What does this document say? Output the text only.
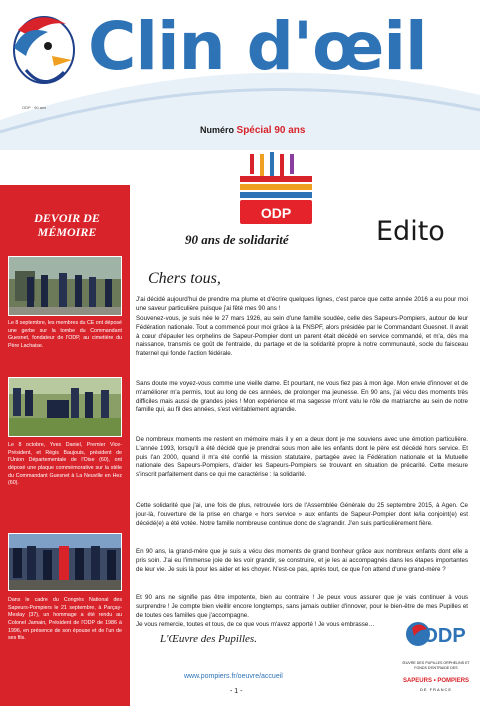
ODP · 90 ans
Clin d'œil
Numéro Spécial 90 ans
DEVOIR DE MÉMOIRE
Le 8 septembre, les membres du CE ont déposé une gerbe sur la tombe du Commandant Guesnet, fondateur de l'ODP, au cimetière du Père Lachaise.
Le 8 octobre, Yves Daniel, Premier Vice-Président, et Régis Baujouis, président de l'Union Départementale de l'Oise (60), ont déposé une plaque commémorative sur la stèle du Commandant Guesnet à La Neuville en Hez (60).
Dans le cadre du Congrès National des Sapeurs-Pompiers le 21 septembre, à Parçay-Meslay (37), un hommage a été rendu au Colonel Jamain, Président de l'ODP de 1986 à 1996, en présence de son épouse et de l'un de ses fils.
ODP
90 ans de solidarité	Edito
Chers tous,

J'ai décidé aujourd'hui de prendre ma plume et d'écrire quelques lignes, c'est parce que cette année 2016 a eu pour moi une saveur particulière puisque j'ai fêté mes 90 ans !

Souvenez-vous, je suis née le 27 mars 1926, au sein d'une famille soudée, celle des Sapeurs-Pompiers, autour de leur Fédération nationale. Tout a commencé pour moi grâce à la FNSPF, alors présidée par le Commandant Guesnet. Il avait à cœur d'épauler les orphelins de Sapeur-Pompier dont un parent était décédé en service commandé, et m'a, dès ma naissance, transmis ce goût de l'entraide, du partage et de la solidarité propre à notre communauté, socle du faisceau fraternel qui fonde l'action fédérale.

Sans doute me voyez-vous comme une vieille dame. Et pourtant, ne vous fiez pas à mon âge. Mon envie d'innover et de m'améliorer m'a permis, tout au long de ces années, de prolonger ma jeunesse. En 90 ans, j'ai vécu des moments très difficiles mais aussi de grandes joies ! Mon expérience et ma sagesse m'ont valu le rôle de matriarche au sein de notre famille qui, au fil des années, s'est véritablement agrandie.

De nombreux moments me restent en mémoire mais il y en a deux dont je me souviens avec une émotion particulière. L'année 1993, lorsqu'il a été décidé que je prendrai sous mon aile les enfants dont le père est décédé hors service. Et puis l'an 2000, quand il m'a été confié la mission statutaire, partagée avec la Fédération nationale et la Mutuelle nationale des Sapeurs-Pompiers, d'aider les Sapeurs-Pompiers se trouvant en situation de précarité. Cette mesure s'inscrit parfaitement dans ce qui me caractérise : la solidarité.

Cette solidarité que j'ai, une fois de plus, retrouvée lors de l'Assemblée Générale du 25 septembre 2015, à Agen. Ce jour-là, l'ouverture de la prise en charge « hors service » aux enfants de Sapeur-Pompier dont le/la conjoint(e) est décédé(e) a été votée. Notre famille nombreuse continue donc de s'agrandir. J'en suis particulièrement fière.

En 90 ans, la grand-mère que je suis a vécu des moments de grand bonheur grâce aux nombreux enfants dont elle a pris soin. J'ai eu l'immense joie de les voir grandir, se construire, et je les ai accompagnés dans les étapes importantes de leur vie. Je suis là pour les aider et les choyer. N'est-ce pas, après tout, ce que l'on attend d'une grand-mère ?

Et 90 ans ne signifie pas être impotente, bien au contraire ! Je peux vous assurer que je vais continuer à vous surprendre ! Je compte bien vieillir encore longtemps, sans jamais oublier d'innover, pour le bien-être de mes Pupilles et de toutes ces familles que j'accompagne.

Je vous remercie, toutes et tous, de ce que vous m'avez apporté ! Je vous embrasse…

L'Œuvre des Pupilles.
www.pompiers.fr/oeuvre/accueil
- 1 -
ODP
ŒUVRE DES PUPILLES ORPHELINS ET FONDS D'ENTRAIDE DES
SAPEURS • POMPIERS
DE FRANCE
